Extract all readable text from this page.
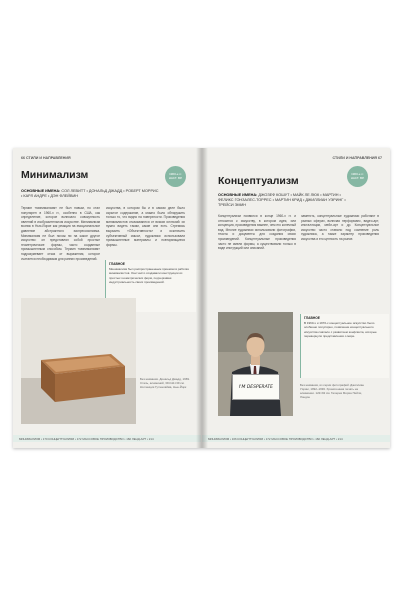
66 СТИЛИ И НАПРАВЛЕНИЯ
Минимализм	1960-е гг.
НАСТ. ВР.
ОСНОВНЫЕ ИМЕНА: СОЛ ЛЕВИТТ • ДОНАЛЬД ДЖАДД • РОБЕРТ МОРРИС • КАРЛ АНДРЕ • ДЭН ФЛЕЙВИН

Термин «минимализм» не был новым, но стал популярен в 1960-х гг., особенно в США, как определение, которое включало совокупность явлений в изобразительном искусстве. Минимализм возник в Нью-Йорке как реакция на эмоциональное давление абстрактного экспрессионизма. Минимализм не был похож ни на какое другое искусство: он представлял собой простые геометрические формы, часто созданные промышленным способом. Термин «минимализм» подразумевает отказ от выражения, которое считается необходимым для ранних произведений.

искусства, в котором бы и в самом деле было скрытое содержание, а можно было обнаружить только то, что видно на поверхности. Произведения минималистов отказываются от всяких иллюзий: их нужно видеть таким, какие они есть. Стремясь выразить «Объективность» и исключить субъективный смысл, художники использовали промышленные материалы и повторяющиеся формы.

ГЛАВНОЕ
Минимализм был распространенным приемом в работах минималистов. Они часто создавали конструкции из простых геометрических форм, подчеркивая индустриальность своих произведений.
Без названия. Дональд Джадд, 1969. Сталь, алюминий, 39×111×39 см. Коллекция Гуггенхайма, Нью-Йорк
МИНИМАЛИЗМ • 170 КОНЦЕПТУАЛИЗМ • 172 МАССОВОЕ ПРОИЗВОДСТВО • 182 ЛЕНД-АРТ • 214
СТИЛИ И НАПРАВЛЕНИЯ 67
1960-е гг.
НАСТ. ВР.
Концептуализм
ОСНОВНЫЕ ИМЕНА: ДЖОЗЕФ КОШУТ • МАЙК ЛЕ ЛЮК • МАРТИН • ФЕЛИКС ГОНЗАЛЕС-ТОРРЕС • МАРТИН КРИД • ДЖИЛЛИАН УЭРИНГ • ТРЕЙСИ ЭМИН

Концептуализм появился в конце 1960-х гг. и относится к искусству, в котором идея, или концепция, произведения важнее, чем его конечный вид. Многие художники использовали фотографии, тексты и документы для создания своих произведений. Концептуальные произведения часто не имели формы, а существовали только в виде инструкций или описаний.

заметить, концептуальные художники работают в разных сферах, включая перформанс, видео-арт, инсталляции, мейл-арт и др. Концептуальное искусство часто ставило под сомнение роль художника, а также характер произведения искусства и его ценность на рынке.

I'M DESPERATE
ГЛАВНОЕ
В 1960-х и 1970-х концептуальное искусство было особенно популярно, появление концептуального искусства совпало с развитием конфликта, которые перевернули представления о мире.
Без названия, из серии фотографий. Джиллиан Уэринг, 1992–1993. Хромогенная печать на алюминии. 122×92 см. Галерея Морин Пейли, Лондон
МИНИМАЛИЗМ • 166 КОНЦЕПТУАЛИЗМ • 172 МАССОВОЕ ПРОИЗВОДСТВО • 182 ЛЕНД-АРТ • 214
